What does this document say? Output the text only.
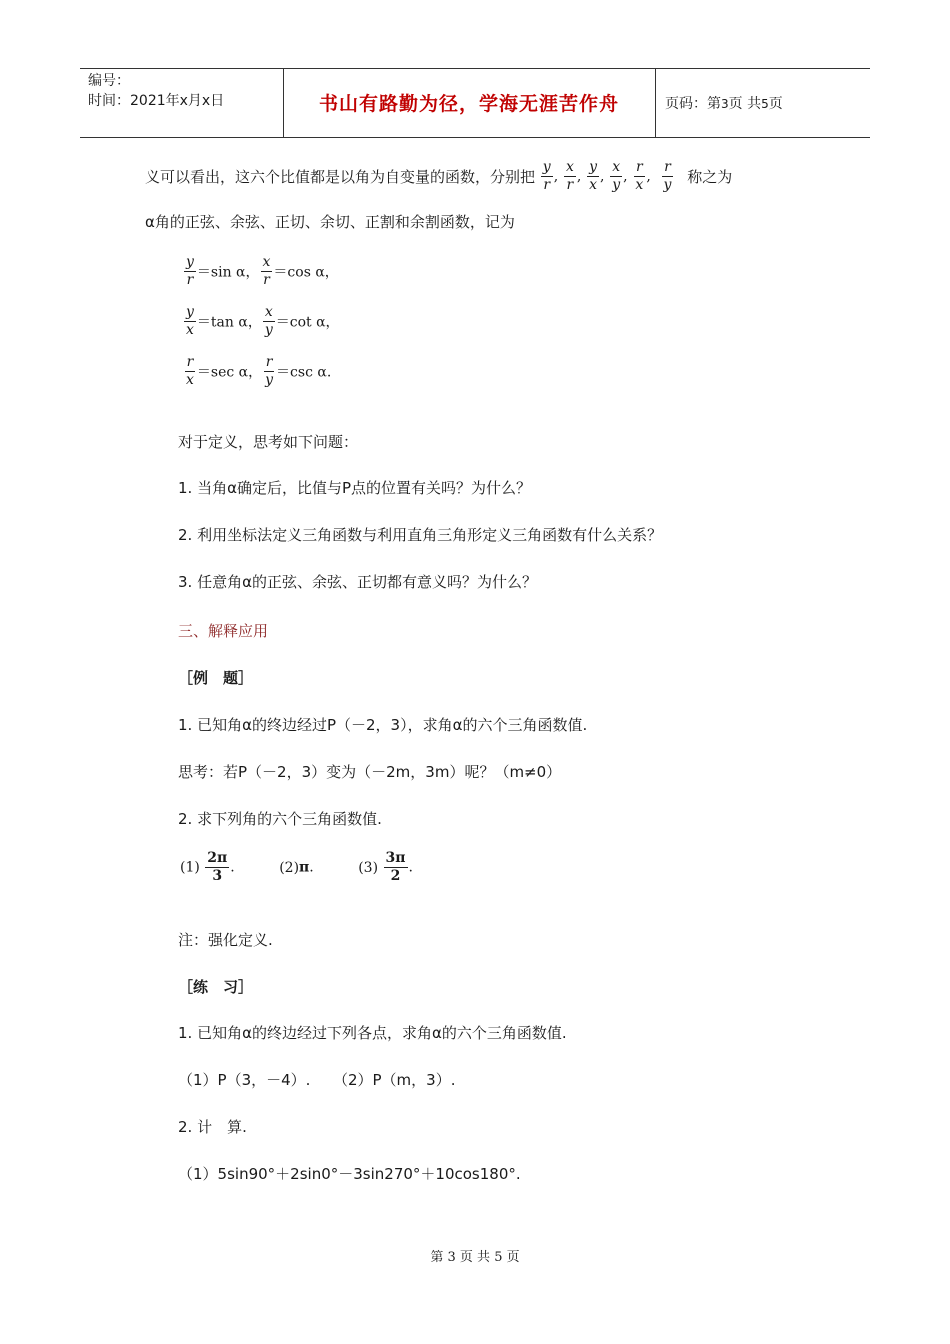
编号：
时间：2021年x月x日	书山有路勤为径，学海无涯苦作舟	页码：第3页 共5页
义可以看出，这六个比值都是以角为自变量的函数，分别把 $\frac{y}{r}$ , $\frac{x}{r}$ , $\frac{y}{x}$ , $\frac{x}{y}$ , $\frac{r}{x}$ , $\frac{r}{y}$ 称之为
α角的正弦、余弦、正切、余切、正割和余割函数，记为
$\frac{y}{r} =\sin$ α， $\frac{x}{r} =\cos$ α，
$\frac{y}{x} =\tan$ α， $\frac{x}{y} =\cot$ α，
$\frac{r}{x} =\sec$ α， $\frac{r}{y} =\csc$ α.
对于定义，思考如下问题：
1. 当角α确定后，比值与P点的位置有关吗？为什么？
2. 利用坐标法定义三角函数与利用直角三角形定义三角函数有什么关系？
3. 任意角α的正弦、余弦、正切都有意义吗？为什么？
三、解释应用
［例　题］
1. 已知角α的终边经过P（－2，3），求角α的六个三角函数值.
思考：若P（－2，3）变为（－2m，3m）呢？（m≠0）
2. 求下列角的六个三角函数值.
$(1) \frac{2\pi}{3}$ .	(2)π.	$(3) \frac{3\pi}{2}$ .
注：强化定义.
［练　习］
1. 已知角α的终边经过下列各点，求角α的六个三角函数值.
（1）P（3，－4）.　　（2）P（m，3）.
2. 计　算.
（1）5sin90°＋2sin0°－3sin270°＋10cos180°.
第 3 页 共 5 页
